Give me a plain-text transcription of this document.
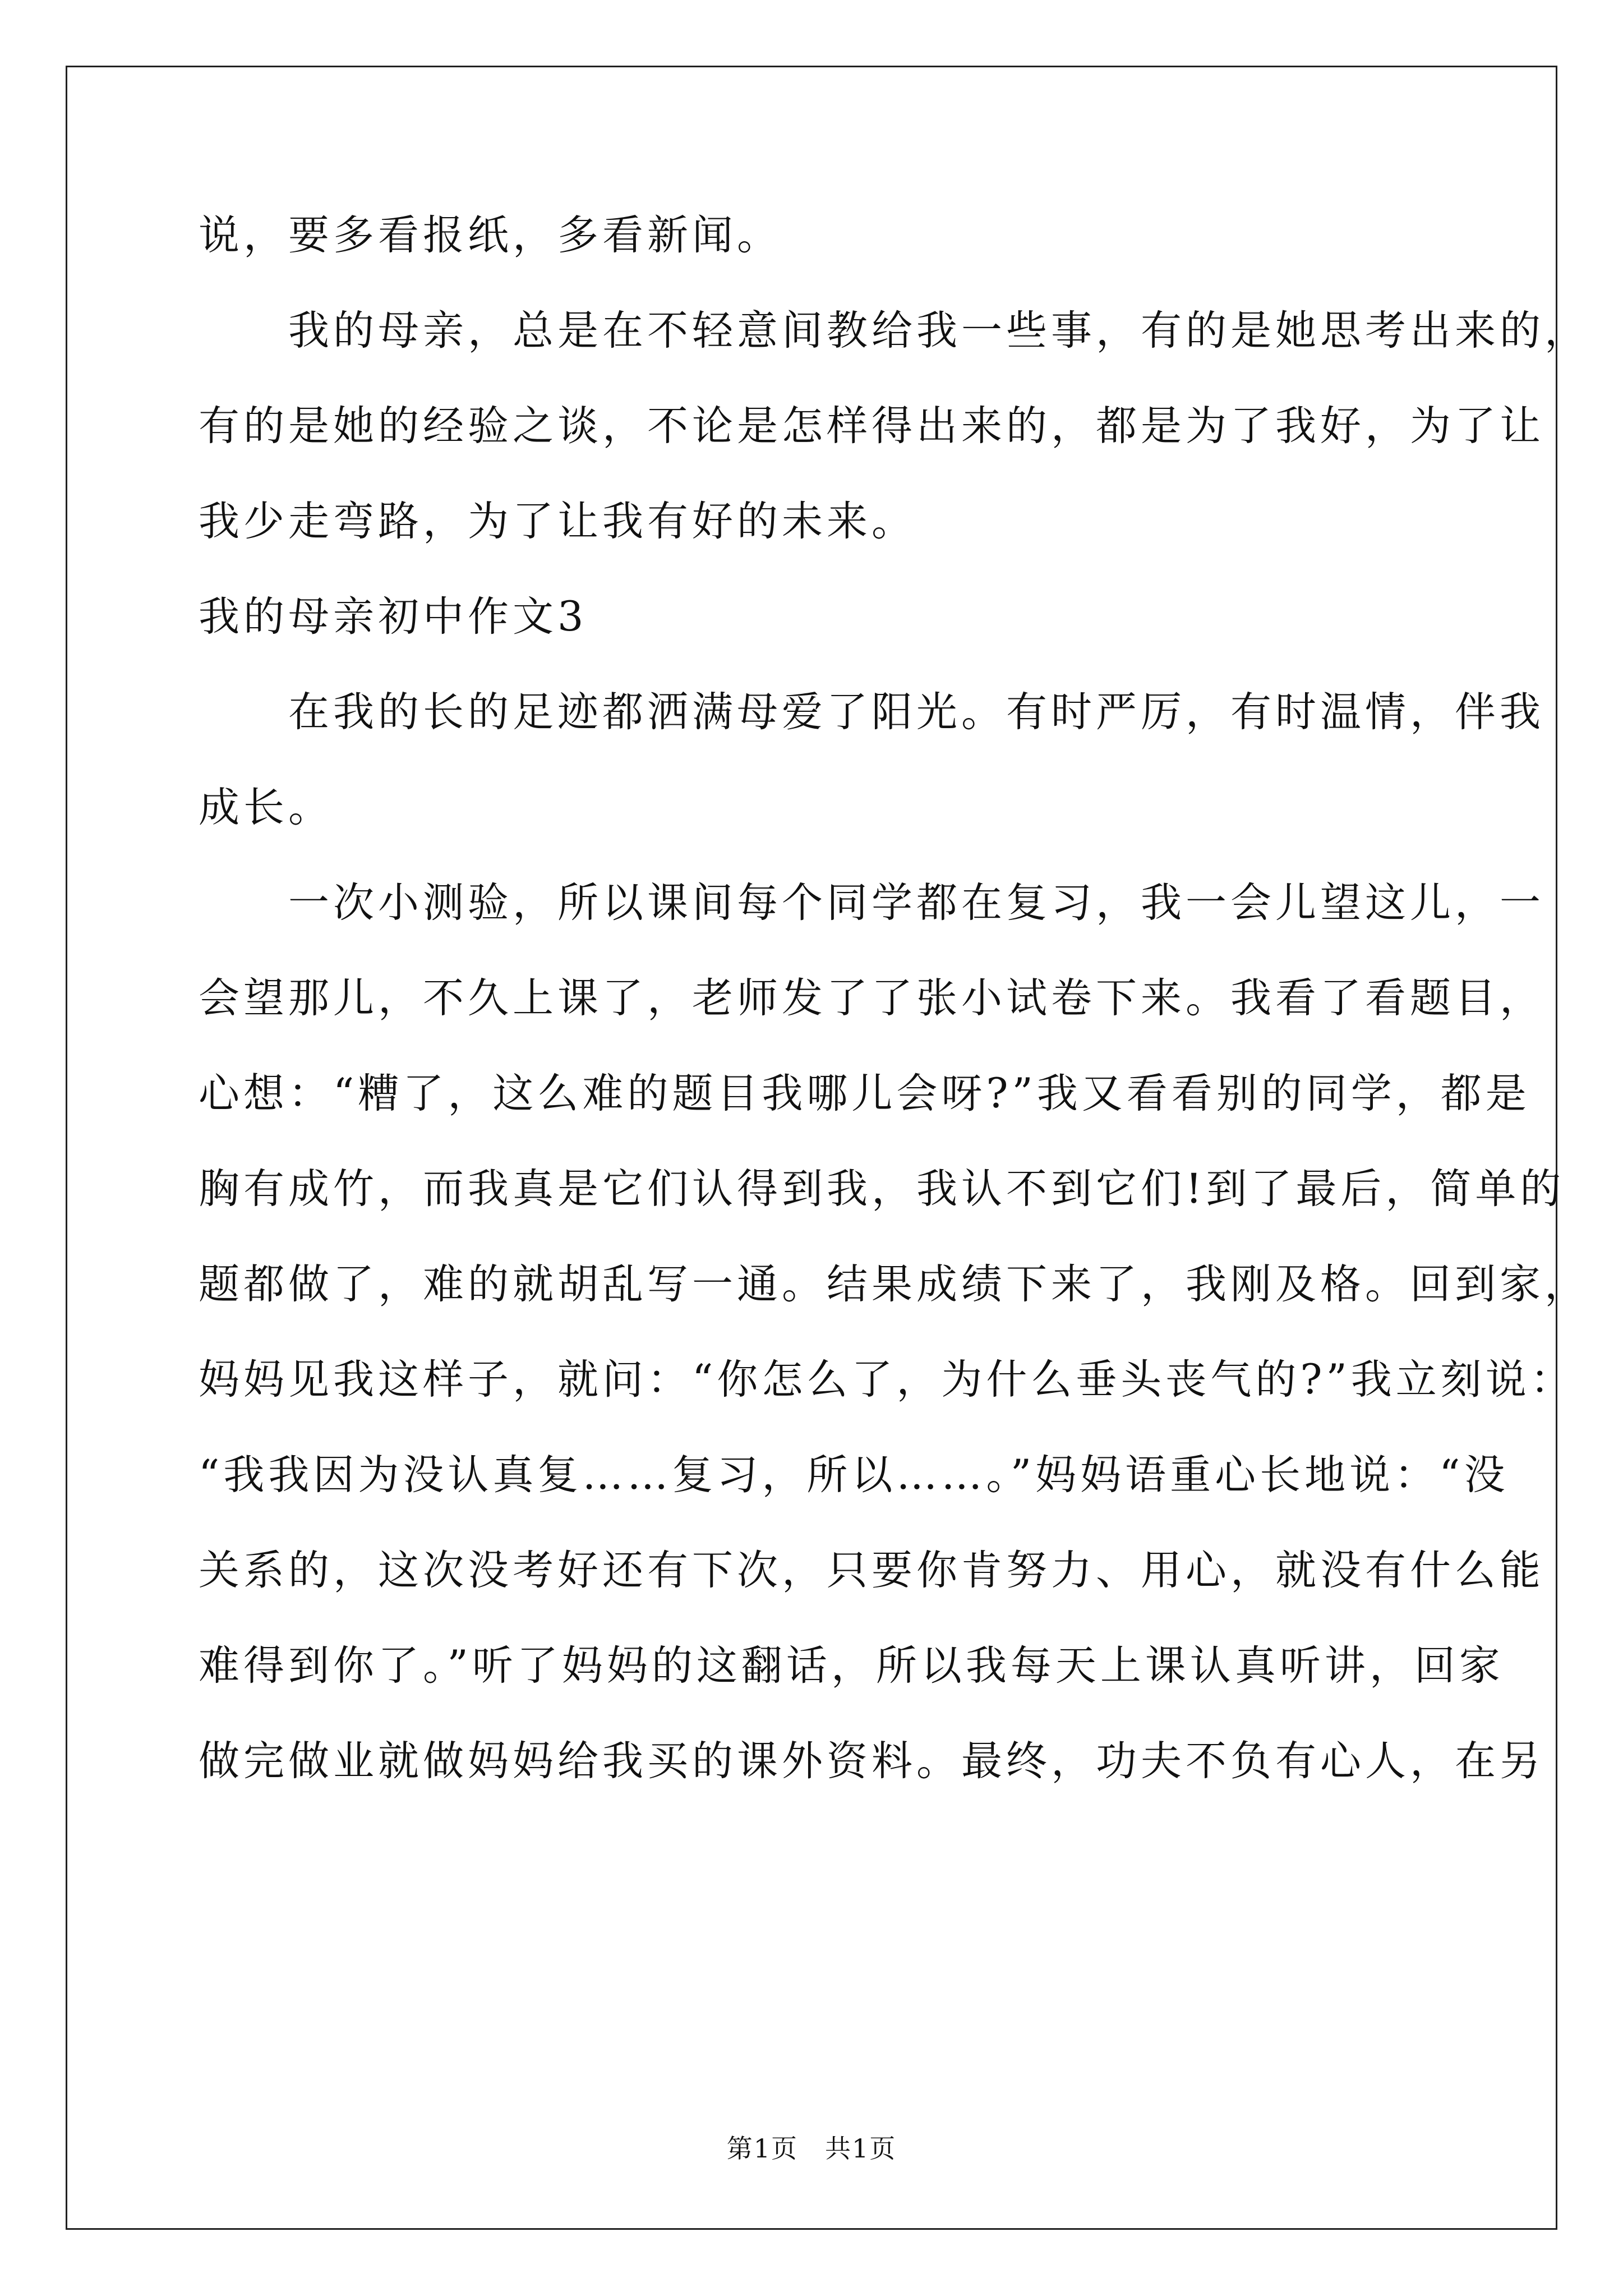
说，要多看报纸，多看新闻。
　　我的母亲，总是在不轻意间教给我一些事，有的是她思考出来的，
有的是她的经验之谈，不论是怎样得出来的，都是为了我好，为了让
我少走弯路，为了让我有好的未来。
我的母亲初中作文3
　　在我的长的足迹都洒满母爱了阳光。有时严厉，有时温情，伴我
成长。
　　一次小测验，所以课间每个同学都在复习，我一会儿望这儿，一
会望那儿，不久上课了，老师发了了张小试卷下来。我看了看题目，
心想：“糟了，这么难的题目我哪儿会呀?”我又看看别的同学，都是
胸有成竹，而我真是它们认得到我，我认不到它们!到了最后，简单的
题都做了，难的就胡乱写一通。结果成绩下来了，我刚及格。回到家，
妈妈见我这样子，就问：“你怎么了，为什么垂头丧气的?”我立刻说：
“我我因为没认真复……复习，所以……。”妈妈语重心长地说：“没
关系的，这次没考好还有下次，只要你肯努力、用心，就没有什么能
难得到你了。”听了妈妈的这翻话，所以我每天上课认真听讲，回家
做完做业就做妈妈给我买的课外资料。最终，功夫不负有心人，在另
第1页　共1页
